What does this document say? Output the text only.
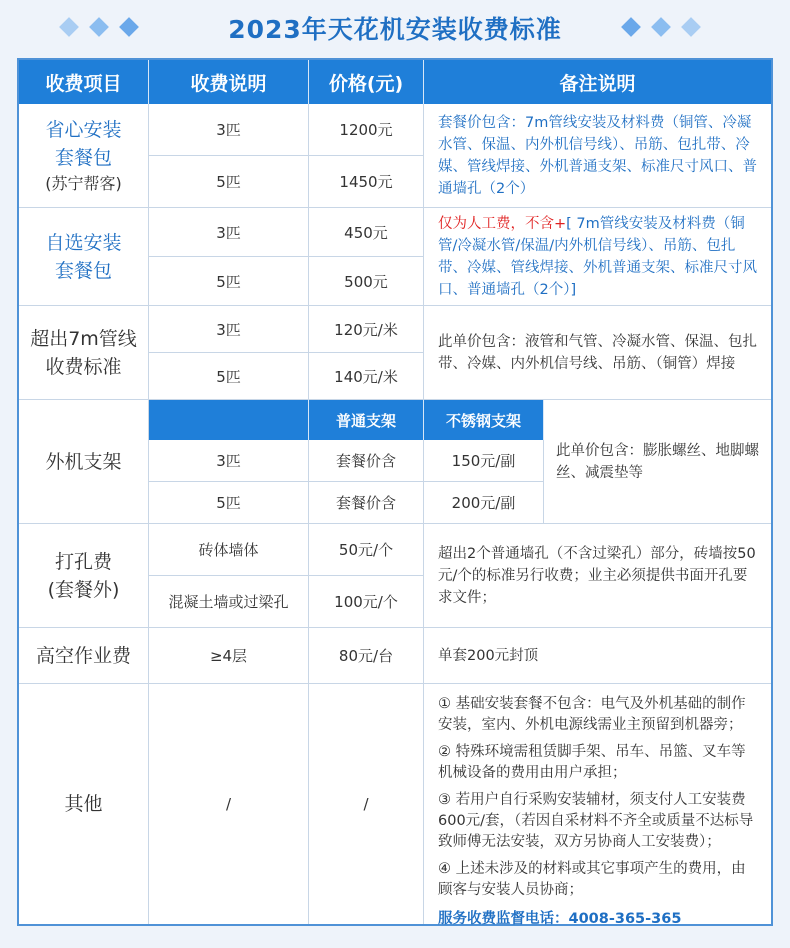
2023年天花机安装收费标准
收费项目	收费说明	价格(元)	备注说明
省心安装
套餐包
(苏宁帮客)
3匹	1200元
5匹	1450元
套餐价包含：7m管线安装及材料费（铜管、冷凝水管、保温、内外机信号线）、吊筋、包扎带、冷媒、管线焊接、外机普通支架、标准尺寸风口、普通墙孔（2个）
自选安装
套餐包
3匹	450元
5匹	500元
仅为人工费，不含+[ 7m管线安装及材料费（铜管/冷凝水管/保温/内外机信号线）、吊筋、包扎带、冷媒、管线焊接、外机普通支架、标准尺寸风口、普通墙孔（2个）]
超出7m管线
收费标准
3匹	120元/米
5匹	140元/米
此单价包含：液管和气管、冷凝水管、保温、包扎带、冷媒、内外机信号线、吊筋、（铜管）焊接
外机支架
普通支架	不锈钢支架
3匹	套餐价含	150元/副
5匹	套餐价含	200元/副
此单价包含：膨胀螺丝、地脚螺丝、减震垫等
打孔费
(套餐外)
砖体墙体	50元/个
混凝土墙或过梁孔	100元/个
超出2个普通墙孔（不含过梁孔）部分，砖墙按50元/个的标准另行收费；业主必须提供书面开孔要求文件；
高空作业费	≥4层	80元/台	单套200元封顶
其他	/	/

① 基础安装套餐不包含：电气及外机基础的制作安装，室内、外机电源线需业主预留到机器旁；

② 特殊环境需租赁脚手架、吊车、吊篮、叉车等机械设备的费用由用户承担；

③ 若用户自行采购安装辅材，须支付人工安装费600元/套，（若因自采材料不齐全或质量不达标导致师傅无法安装，双方另协商人工安装费）；

④ 上述未涉及的材料或其它事项产生的费用，由顾客与安装人员协商；

服务收费监督电话：4008-365-365
